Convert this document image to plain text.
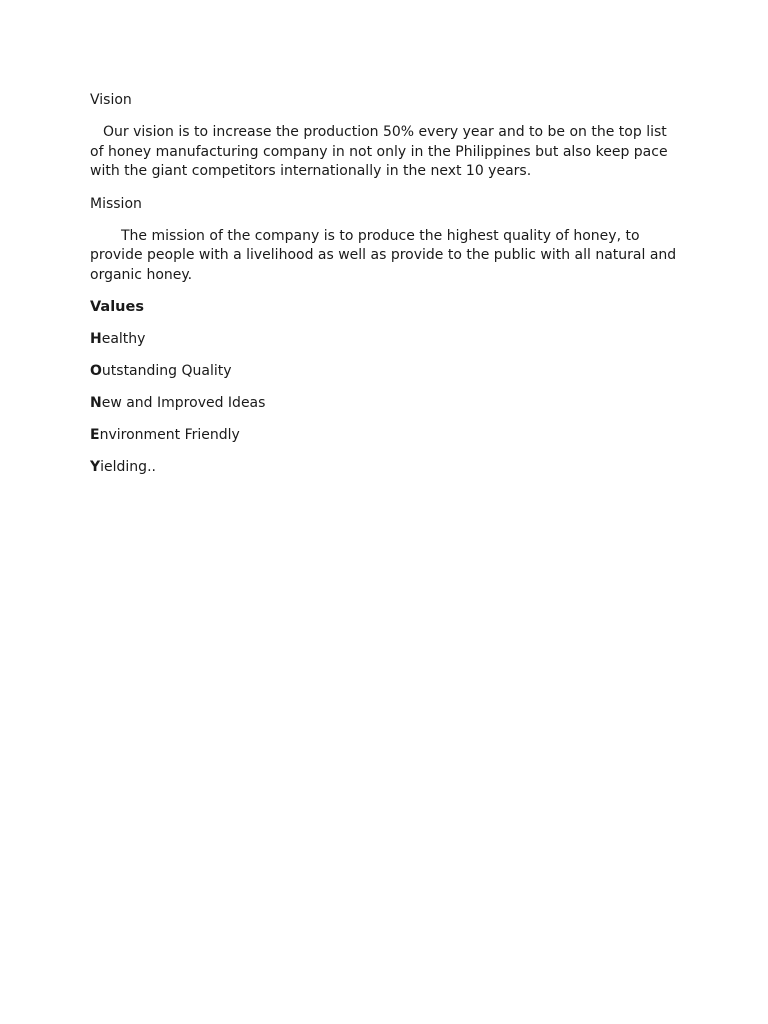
Vision

Our vision is to increase the production 50% every year and to be on the top list of honey manufacturing company in not only in the Philippines but also keep pace with the giant competitors internationally in the next 10 years.

Mission

The mission of the company is to produce the highest quality of honey, to provide people with a livelihood as well as provide to the public with all natural and organic honey.

Values

Healthy

Outstanding Quality

New and Improved Ideas

Environment Friendly

Yielding..
